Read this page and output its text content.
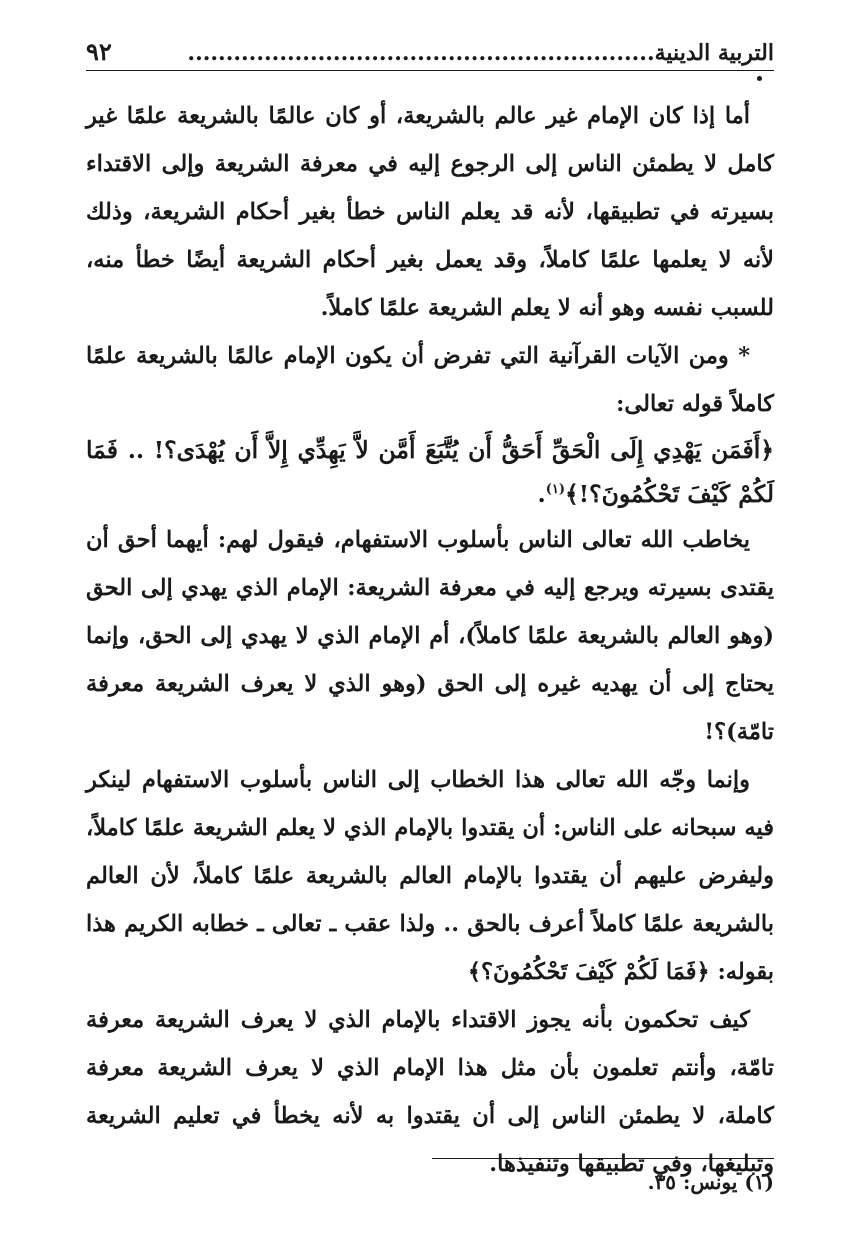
التربية الدينية.............................................................
٩٢

أما إذا كان الإمام غير عالم بالشريعة، أو كان عالمًا بالشريعة علمًا غير كامل لا يطمئن الناس إلى الرجوع إليه في معرفة الشريعة وإلى الاقتداء بسيرته في تطبيقها، لأنه قد يعلم الناس خطأ بغير أحكام الشريعة، وذلك لأنه لا يعلمها علمًا كاملاً، وقد يعمل بغير أحكام الشريعة أيضًا خطأ منه، للسبب نفسه وهو أنه لا يعلم الشريعة علمًا كاملاً.

* ومن الآيات القرآنية التي تفرض أن يكون الإمام عالمًا بالشريعة علمًا كاملاً قوله تعالى:

﴿أَفَمَن يَهْدِي إِلَى الْحَقِّ أَحَقُّ أَن يُتَّبَعَ أَمَّن لاَّ يَهِدِّي إِلاَّ أَن يُهْدَى؟! .. فَمَا لَكُمْ كَيْفَ تَحْكُمُونَ؟!﴾$^{(١)}$.

يخاطب الله تعالى الناس بأسلوب الاستفهام، فيقول لهم: أيهما أحق أن يقتدى بسيرته ويرجع إليه في معرفة الشريعة: الإمام الذي يهدي إلى الحق (وهو العالم بالشريعة علمًا كاملاً)، أم الإمام الذي لا يهدي إلى الحق، وإنما يحتاج إلى أن يهديه غيره إلى الحق (وهو الذي لا يعرف الشريعة معرفة تامّة)؟!

وإنما وجّه الله تعالى هذا الخطاب إلى الناس بأسلوب الاستفهام لينكر فيه سبحانه على الناس: أن يقتدوا بالإمام الذي لا يعلم الشريعة علمًا كاملاً، وليفرض عليهم أن يقتدوا بالإمام العالم بالشريعة علمًا كاملاً، لأن العالم بالشريعة علمًا كاملاً أعرف بالحق .. ولذا عقب ـ تعالى ـ خطابه الكريم هذا بقوله: ﴿فَمَا لَكُمْ كَيْفَ تَحْكُمُونَ؟﴾

كيف تحكمون بأنه يجوز الاقتداء بالإمام الذي لا يعرف الشريعة معرفة تامّة، وأنتم تعلمون بأن مثل هذا الإمام الذي لا يعرف الشريعة معرفة كاملة، لا يطمئن الناس إلى أن يقتدوا به لأنه يخطأ في تعليم الشريعة وتبليغها، وفي تطبيقها وتنفيذها.

(١) يونس: ٣٥.
